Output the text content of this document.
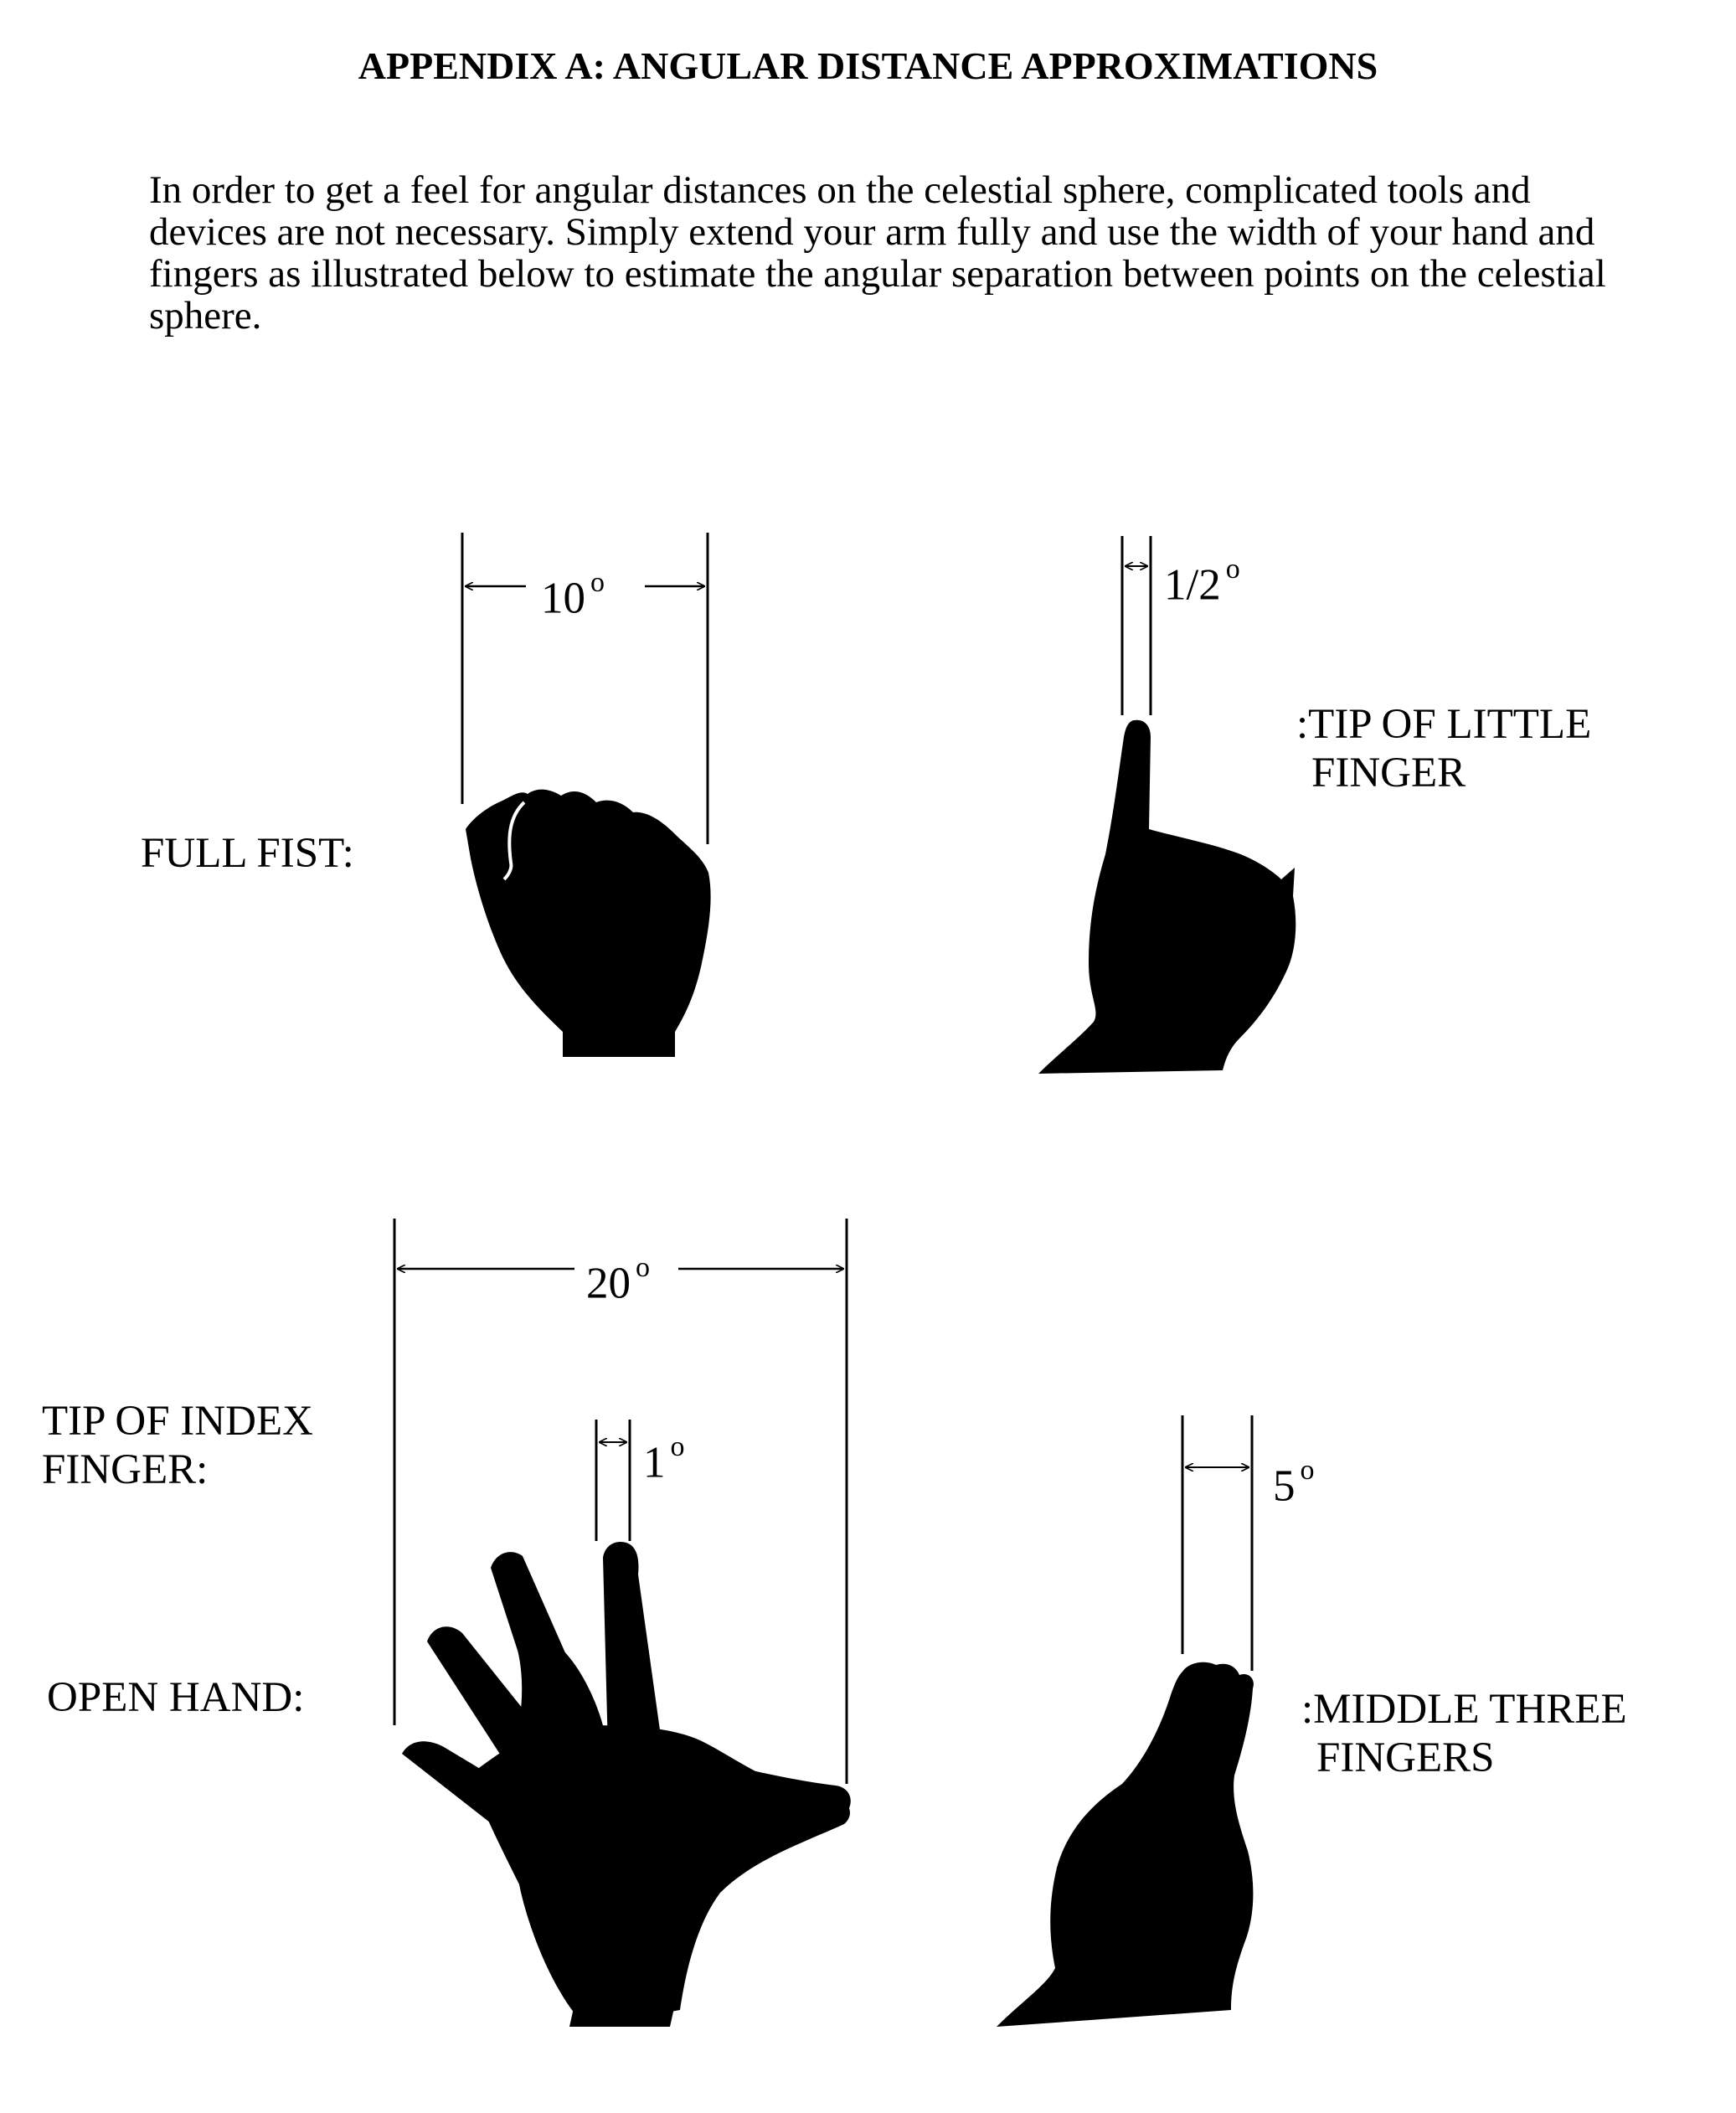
APPENDIX A: ANGULAR DISTANCE APPROXIMATIONS

In order to get a feel for angular distances on the celestial sphere, complicated tools and devices are not necessary. Simply extend your arm fully and use the width of your hand and fingers as illustrated below to estimate the angular separation between points on the celestial sphere.

10 $^o$	1/2 $^o$
20 $^o$
1 $^o$
5 $^o$
FULL FIST:
:TIP OF LITTLE
FINGER
TIP OF INDEX
FINGER:
OPEN HAND:	:MIDDLE THREE
FINGERS
